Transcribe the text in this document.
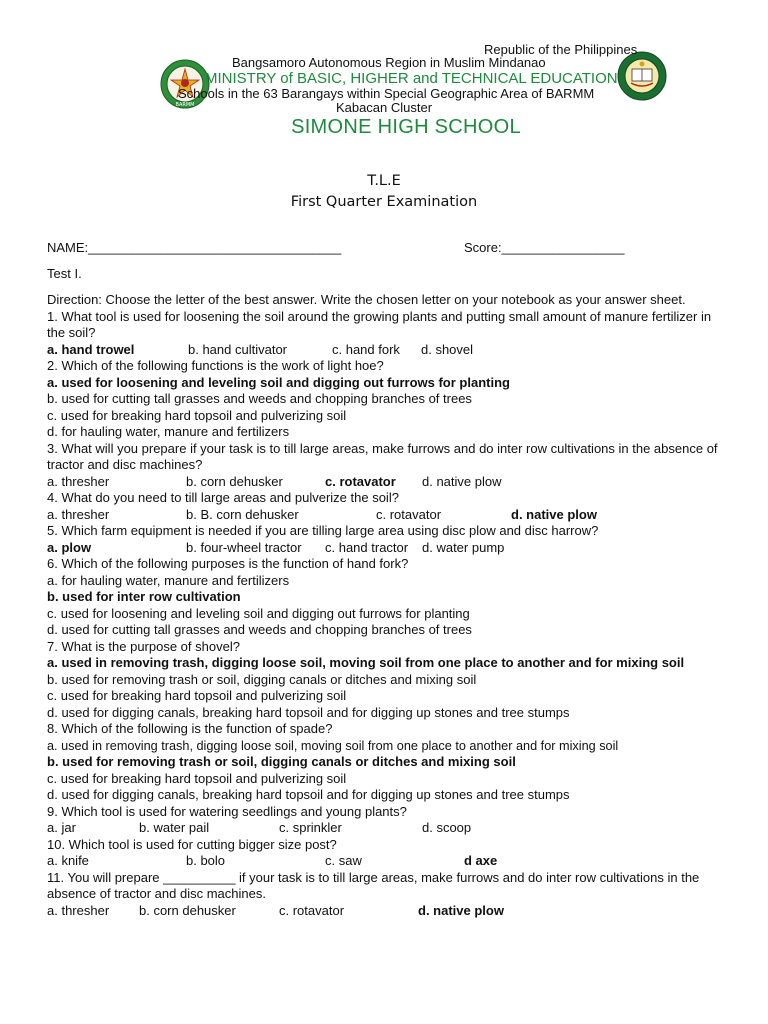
BARMM
Republic of the Philippines
Bangsamoro Autonomous Region in Muslim Mindanao
MINISTRY of BASIC, HIGHER and TECHNICAL EDUCATION
Schools in the 63 Barangays within Special Geographic Area of BARMM
Kabacan Cluster
SIMONE HIGH SCHOOL
T.L.E
First Quarter Examination
NAME:___________________________________	Score:_________________
Test I.
Direction: Choose the letter of the best answer. Write the chosen letter on your notebook as your answer sheet.
1. What tool is used for loosening the soil around the growing plants and putting small amount of manure fertilizer in the soil?
a. hand trowel	b. hand cultivator	c. hand fork d. shovel
2. Which of the following functions is the work of light hoe?
a. used for loosening and leveling soil and digging out furrows for planting
b. used for cutting tall grasses and weeds and chopping branches of trees
c. used for breaking hard topsoil and pulverizing soil
d. for hauling water, manure and fertilizers
3. What will you prepare if your task is to till large areas, make furrows and do inter row cultivations in the absence of tractor and disc machines?
a. thresher	b. corn dehusker	c. rotavator d. native plow
4. What do you need to till large areas and pulverize the soil?
a. thresher	b. B. corn dehusker	c. rotavator	d. native plow
5. Which farm equipment is needed if you are tilling large area using disc plow and disc harrow?
a. plow	b. four-wheel tractor c. hand tractor d. water pump
6. Which of the following purposes is the function of hand fork?
a. for hauling water, manure and fertilizers
b. used for inter row cultivation
c. used for loosening and leveling soil and digging out furrows for planting
d. used for cutting tall grasses and weeds and chopping branches of trees
7. What is the purpose of shovel?
a. used in removing trash, digging loose soil, moving soil from one place to another and for mixing soil
b. used for removing trash or soil, digging canals or ditches and mixing soil
c. used for breaking hard topsoil and pulverizing soil
d. used for digging canals, breaking hard topsoil and for digging up stones and tree stumps
8. Which of the following is the function of spade?
a. used in removing trash, digging loose soil, moving soil from one place to another and for mixing soil
b. used for removing trash or soil, digging canals or ditches and mixing soil
c. used for breaking hard topsoil and pulverizing soil
d. used for digging canals, breaking hard topsoil and for digging up stones and tree stumps
9. Which tool is used for watering seedlings and young plants?
a. jar	b. water pail	c. sprinkler	d. scoop
10. Which tool is used for cutting bigger size post?
a. knife	b. bolo	c. saw	d axe
11. You will prepare __________ if your task is to till large areas, make furrows and do inter row cultivations in the absence of tractor and disc machines.
a. thresher b. corn dehusker	c. rotavator	d. native plow
